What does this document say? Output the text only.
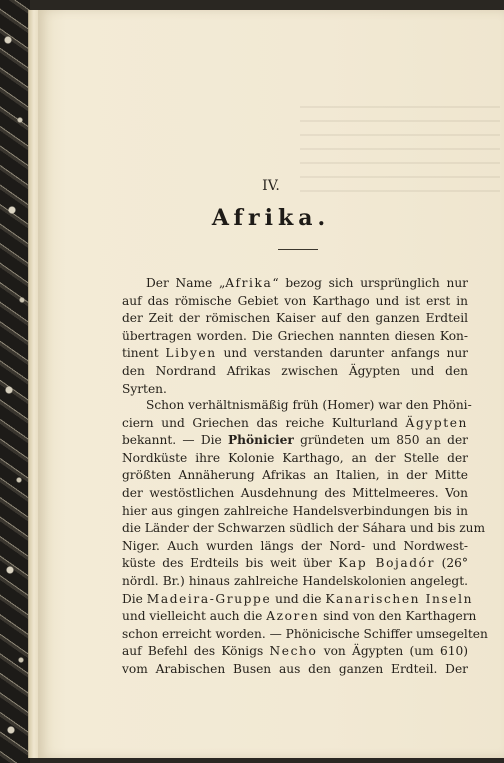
IV.
Afrika.
Der Name „Afrika“ bezog sich ursprünglich nur
auf das römische Gebiet von Karthago und ist erst in
der Zeit der römischen Kaiser auf den ganzen Erdteil
übertragen worden. Die Griechen nannten diesen Kon-
tinent Libyen und verstanden darunter anfangs nur
den Nordrand Afrikas zwischen Ägypten und den
Syrten.
Schon verhältnismäßig früh (Homer) war den Phöni-
ciern und Griechen das reiche Kulturland Ägypten
bekannt. — Die Phönicier gründeten um 850 an der
Nordküste ihre Kolonie Karthago, an der Stelle der
größten Annäherung Afrikas an Italien, in der Mitte
der westöstlichen Ausdehnung des Mittelmeeres. Von
hier aus gingen zahlreiche Handelsverbindungen bis in
die Länder der Schwarzen südlich der Sáhara und bis zum
Niger. Auch wurden längs der Nord- und Nordwest-
küste des Erdteils bis weit über Kap Bojadór (26°
nördl. Br.) hinaus zahlreiche Handelskolonien angelegt.
Die Madeira-Gruppe und die Kanarischen Inseln
und vielleicht auch die Azoren sind von den Karthagern
schon erreicht worden. — Phönicische Schiffer umsegelten
auf Befehl des Königs Necho von Ägypten (um 610)
vom Arabischen Busen aus den ganzen Erdteil. Der
